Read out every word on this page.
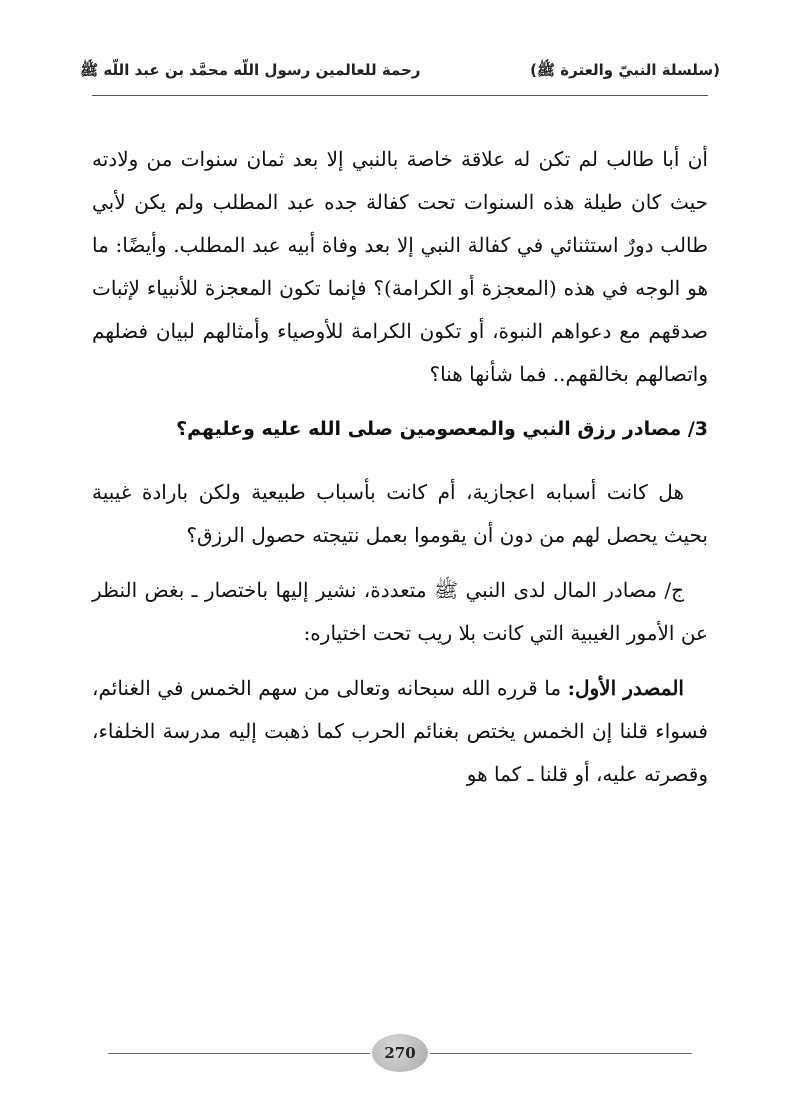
(سلسلة النبيّ والعترة ﷺ)
رحمة للعالمين رسول اللّه محمَّد بن عبد اللّه ﷺ

أن أبا طالب لم تكن له علاقة خاصة بالنبي إلا بعد ثمان سنوات من ولادته حيث كان طيلة هذه السنوات تحت كفالة جده عبد المطلب ولم يكن لأبي طالب دورٌ استثنائي في كفالة النبي إلا بعد وفاة أبيه عبد المطلب. وأيضًا: ما هو الوجه في هذه (المعجزة أو الكرامة)؟ فإنما تكون المعجزة للأنبياء لإثبات صدقهم مع دعواهم النبوة، أو تكون الكرامة للأوصياء وأمثالهم لبيان فضلهم واتصالهم بخالقهم.. فما شأنها هنا؟

3/ مصادر رزق النبي والمعصومين صلى الله عليه وعليهم؟

هل كانت أسبابه اعجازية، أم كانت بأسباب طبيعية ولكن بارادة غيبية بحيث يحصل لهم من دون أن يقوموا بعمل نتيجته حصول الرزق؟

ج/ مصادر المال لدى النبي ﷺ متعددة، نشير إليها باختصار ـ بغض النظر عن الأمور الغيبية التي كانت بلا ريب تحت اختياره:

المصدر الأول: ما قرره الله سبحانه وتعالى من سهم الخمس في الغنائم، فسواء قلنا إن الخمس يختص بغنائم الحرب كما ذهبت إليه مدرسة الخلفاء، وقصرته عليه، أو قلنا ـ كما هو

270
